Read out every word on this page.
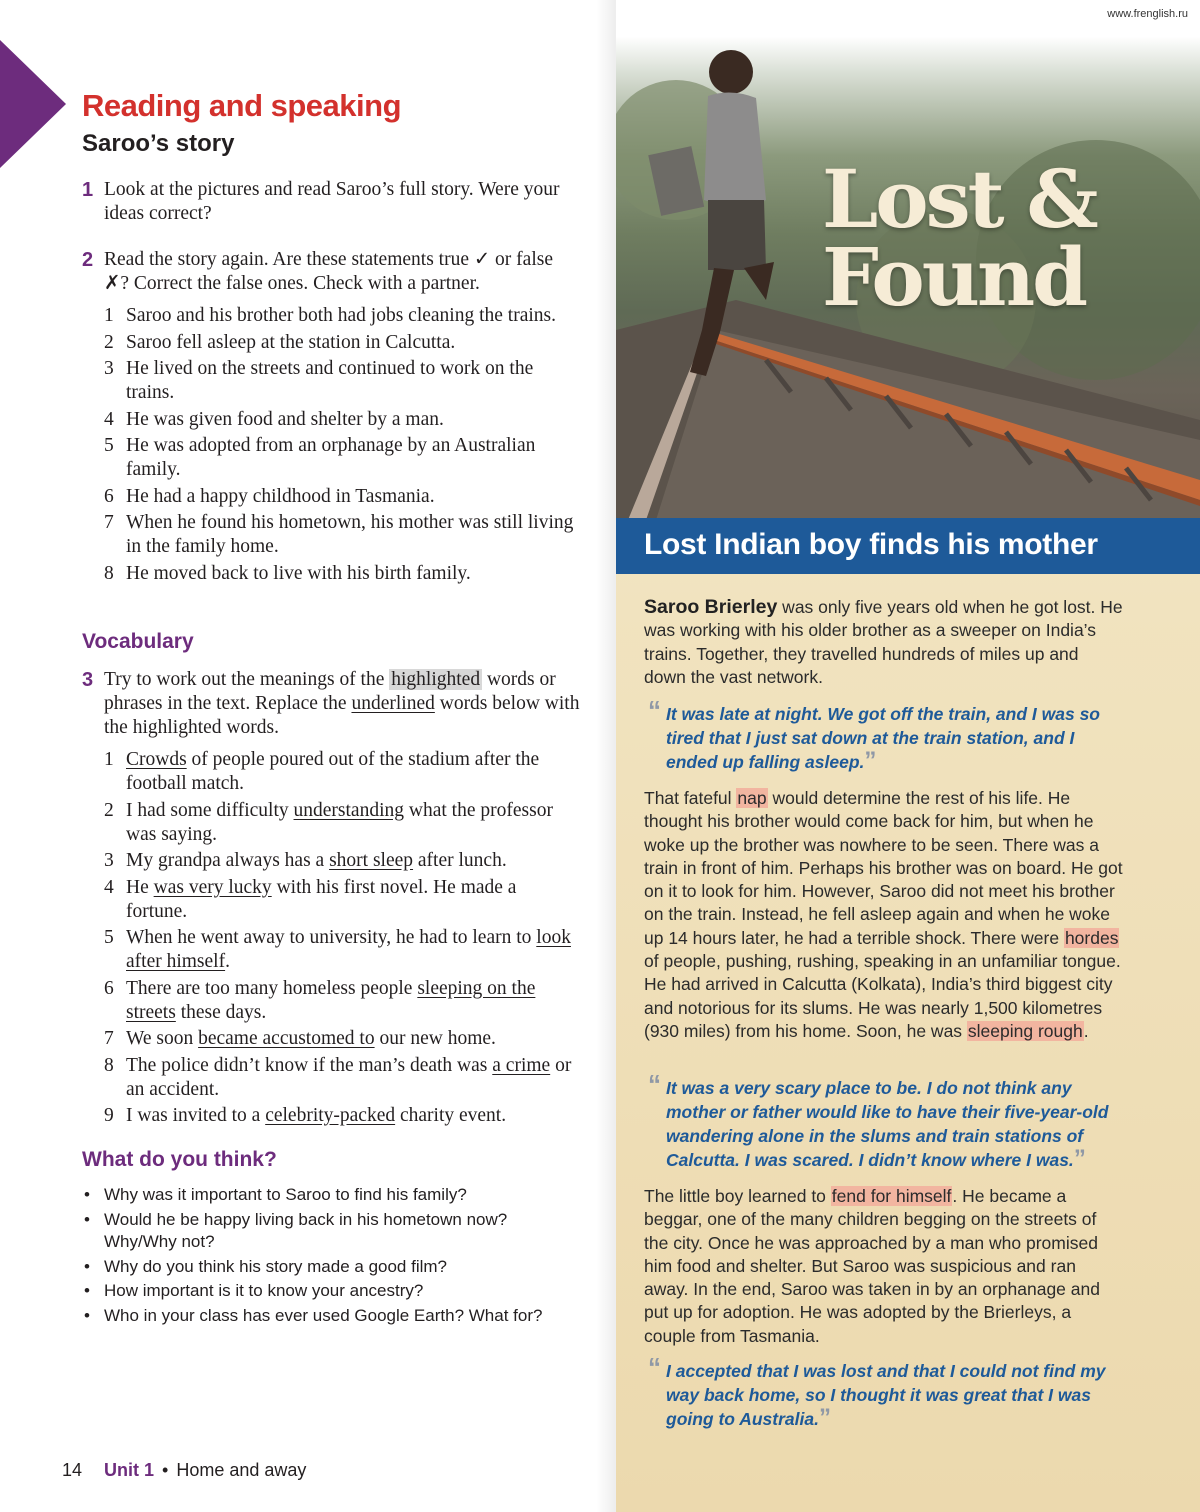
Reading and speaking
Saroo’s story
1 Look at the pictures and read Saroo’s full story. Were your ideas correct?
2 Read the story again. Are these statements true ✓ or false ✗? Correct the false ones. Check with a partner.
1 Saroo and his brother both had jobs cleaning the trains.
2 Saroo fell asleep at the station in Calcutta.
3 He lived on the streets and continued to work on the trains.
4 He was given food and shelter by a man.
5 He was adopted from an orphanage by an Australian family.
6 He had a happy childhood in Tasmania.
7 When he found his hometown, his mother was still living in the family home.
8 He moved back to live with his birth family.
Vocabulary
3 Try to work out the meanings of the highlighted words or phrases in the text. Replace the underlined words below with the highlighted words.
1 Crowds of people poured out of the stadium after the football match.
2 I had some difficulty understanding what the professor was saying.
3 My grandpa always has a short sleep after lunch.
4 He was very lucky with his first novel. He made a fortune.
5 When he went away to university, he had to learn to look after himself.
6 There are too many homeless people sleeping on the streets these days.
7 We soon became accustomed to our new home.
8 The police didn’t know if the man’s death was a crime or an accident.
9 I was invited to a celebrity-packed charity event.
What do you think?
• Why was it important to Saroo to find his family?
• Would he be happy living back in his hometown now? Why/Why not?
• Why do you think his story made a good film?
• How important is it to know your ancestry?
• Who in your class has ever used Google Earth? What for?
14 Unit 1 • Home and away
www.frenglish.ru
Lost &
Found
Lost Indian boy finds his mother
Saroo Brierley was only five years old when he got lost. He was working with his older brother as a sweeper on India’s trains. Together, they travelled hundreds of miles up and down the vast network.
“ It was late at night. We got off the train, and I was so tired that I just sat down at the train station, and I ended up falling asleep.”
That fateful nap would determine the rest of his life. He thought his brother would come back for him, but when he woke up the brother was nowhere to be seen. There was a train in front of him. Perhaps his brother was on board. He got on it to look for him. However, Saroo did not meet his brother on the train. Instead, he fell asleep again and when he woke up 14 hours later, he had a terrible shock. There were hordes of people, pushing, rushing, speaking in an unfamiliar tongue. He had arrived in Calcutta (Kolkata), India’s third biggest city and notorious for its slums. He was nearly 1,500 kilometres (930 miles) from his home. Soon, he was sleeping rough.
“ It was a very scary place to be. I do not think any mother or father would like to have their five-year-old wandering alone in the slums and train stations of Calcutta. I was scared. I didn’t know where I was.”
The little boy learned to fend for himself. He became a beggar, one of the many children begging on the streets of the city. Once he was approached by a man who promised him food and shelter. But Saroo was suspicious and ran away. In the end, Saroo was taken in by an orphanage and put up for adoption. He was adopted by the Brierleys, a couple from Tasmania.
“ I accepted that I was lost and that I could not find my way back home, so I thought it was great that I was going to Australia.”
